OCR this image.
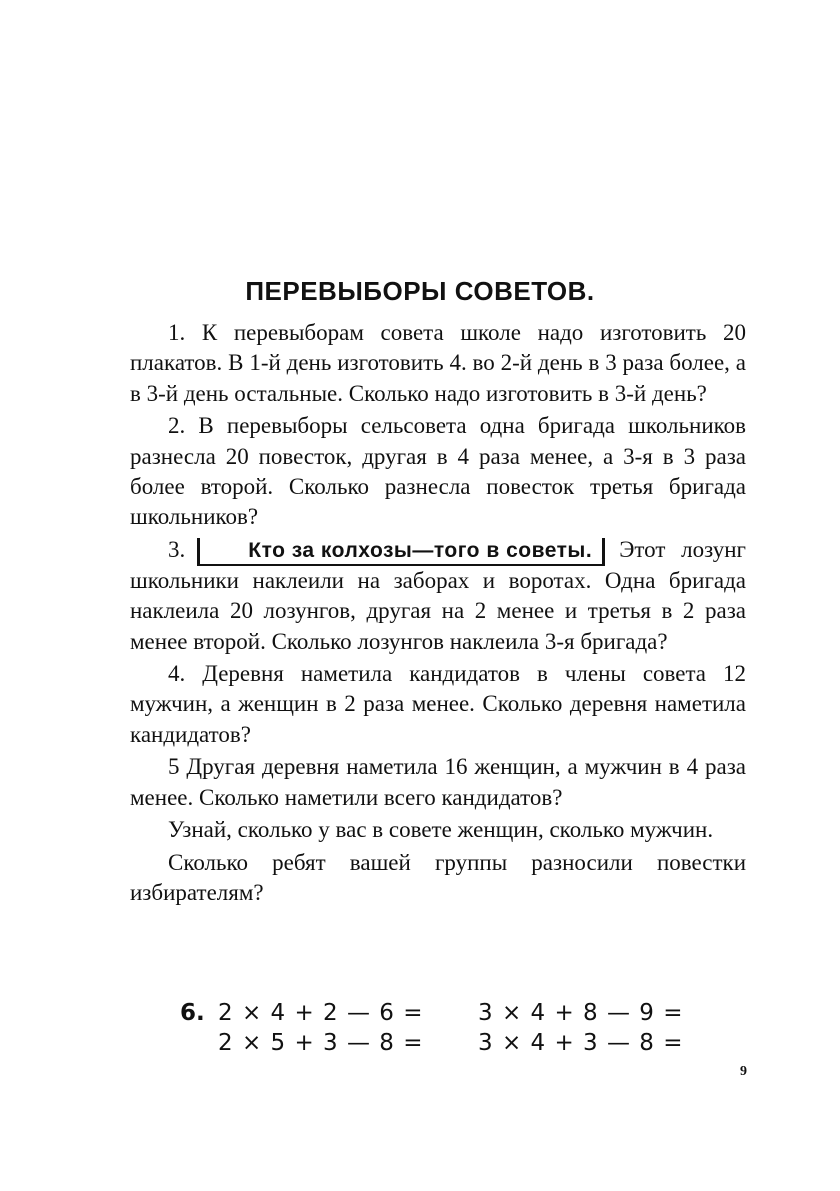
ПЕРЕВЫБОРЫ СОВЕТОВ.

1. К перевыборам совета школе надо изготовить 20 плакатов. В 1-й день изготовить 4. во 2-й день в 3 раза более, а в 3-й день остальные. Сколько надо изготовить в 3-й день?

2. В перевыборы сельсовета одна бригада школьников разнесла 20 повесток, другая в 4 раза менее, а 3-я в 3 раза более второй. Сколько разнесла повесток третья бригада школьников?

3.	Кто за колхозы—того в советы. Этот лозунг школьники наклеили на заборах и воротах. Одна бригада наклеила 20 лозунгов, другая на 2 менее и третья в 2 раза менее второй. Сколько лозунгов наклеила 3-я бригада?

4. Деревня наметила кандидатов в члены совета 12 мужчин, а женщин в 2 раза менее. Сколько деревня наметила кандидатов?

5 Другая деревня наметила 16 женщин, а мужчин в 4 раза менее. Сколько наметили всего кандидатов?

Узнай, сколько у вас в совете женщин, сколько мужчин.

Сколько ребят вашей группы разносили повестки избирателям?

6. 2 × 4 + 2 — 6 =
2 × 5 + 3 — 8 =
3 × 4 + 8 — 9 =
3 × 4 + 3 — 8 =
9
